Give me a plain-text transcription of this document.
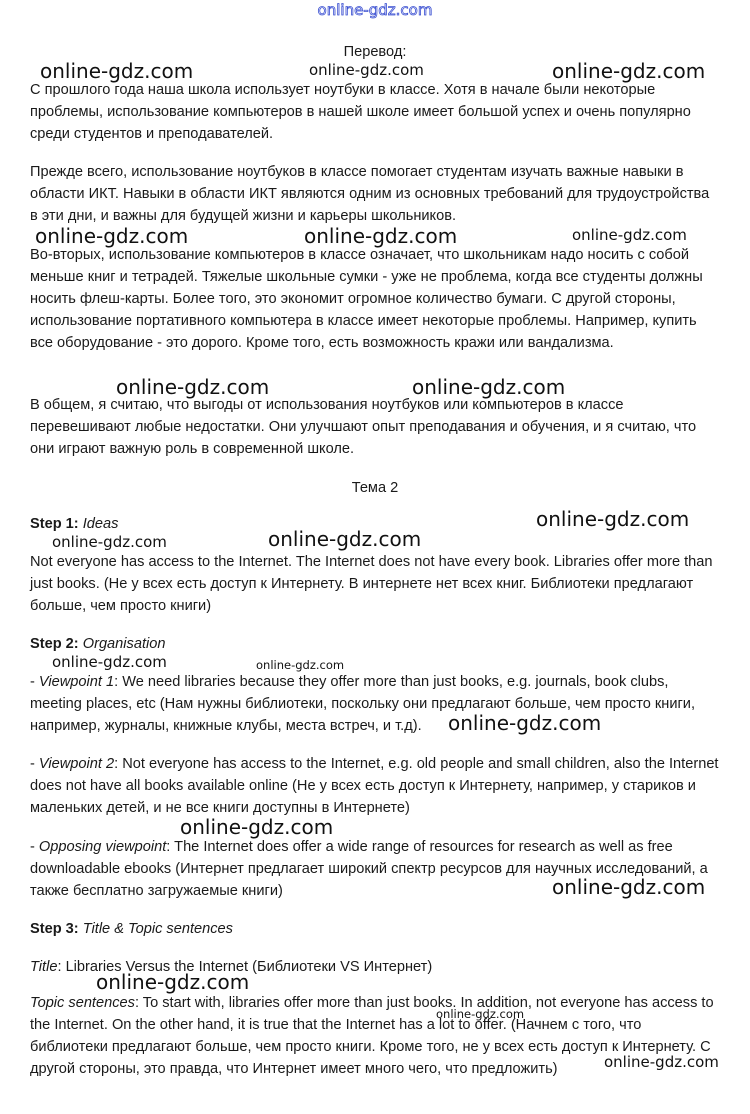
online-gdz.com
Перевод:
online-gdz.com	online-gdz.com	online-gdz.com

С прошлого года наша школа использует ноутбуки в классе. Хотя в начале были некоторые проблемы, использование компьютеров в нашей школе имеет большой успех и очень популярно среди студентов и преподавателей.

Прежде всего, использование ноутбуков в классе помогает студентам изучать важные навыки в области ИКТ. Навыки в области ИКТ являются одним из основных требований для трудоустройства в эти дни, и важны для будущей жизни и карьеры школьников.

online-gdz.com	online-gdz.com	online-gdz.com

Во-вторых, использование компьютеров в классе означает, что школьникам надо носить с собой меньше книг и тетрадей. Тяжелые школьные сумки - уже не проблема, когда все студенты должны носить флеш-карты. Более того, это экономит огромное количество бумаги. С другой стороны, использование портативного компьютера в классе имеет некоторые проблемы. Например, купить все оборудование - это дорого. Кроме того, есть возможность кражи или вандализма.

online-gdz.com	online-gdz.com

В общем, я считаю, что выгоды от использования ноутбуков или компьютеров в классе перевешивают любые недостатки. Они улучшают опыт преподавания и обучения, и я считаю, что они играют важную роль в современной школе.

Тема 2
Step 1: Ideas	online-gdz.com
online-gdz.com
online-gdz.com

Not everyone has access to the Internet. The Internet does not have every book. Libraries offer more than just books. (Не у всех есть доступ к Интернету. В интернете нет всех книг. Библиотеки предлагают больше, чем просто книги)

Step 2: Organisation
online-gdz.com	online-gdz.com

- Viewpoint 1: We need libraries because they offer more than just books, e.g. journals, book clubs, meeting places, etc (Нам нужны библиотеки, поскольку они предлагают больше, чем просто книги, например, журналы, книжные клубы, места встреч, и т.д).	online-gdz.com

- Viewpoint 2: Not everyone has access to the Internet, e.g. old people and small children, also the Internet does not have all books available online (Не у всех есть доступ к Интернету, например, у стариков и маленьких детей, и не все книги доступны в Интернете)

online-gdz.com

- Opposing viewpoint: The Internet does offer a wide range of resources for research as well as free downloadable ebooks (Интернет предлагает широкий спектр ресурсов для научных исследований, а также бесплатно загружаемые книги)	online-gdz.com
Step 3: Title & Topic sentences

Title: Libraries Versus the Internet (Библиотеки VS Интернет)

online-gdz.com

Topic sentences: To start with, libraries offer more than just books. In addition, not everyone has access to the Internet. On the other hand, it is true that the Internet has a lot to offer. (Начнем с того, что библиотеки предлагают больше, чем просто книги. Кроме того, не у всех есть доступ к Интернету. С другой стороны, это правда, что Интернет имеет много чего, что предложить)

online-gdz.com
online-gdz.com
